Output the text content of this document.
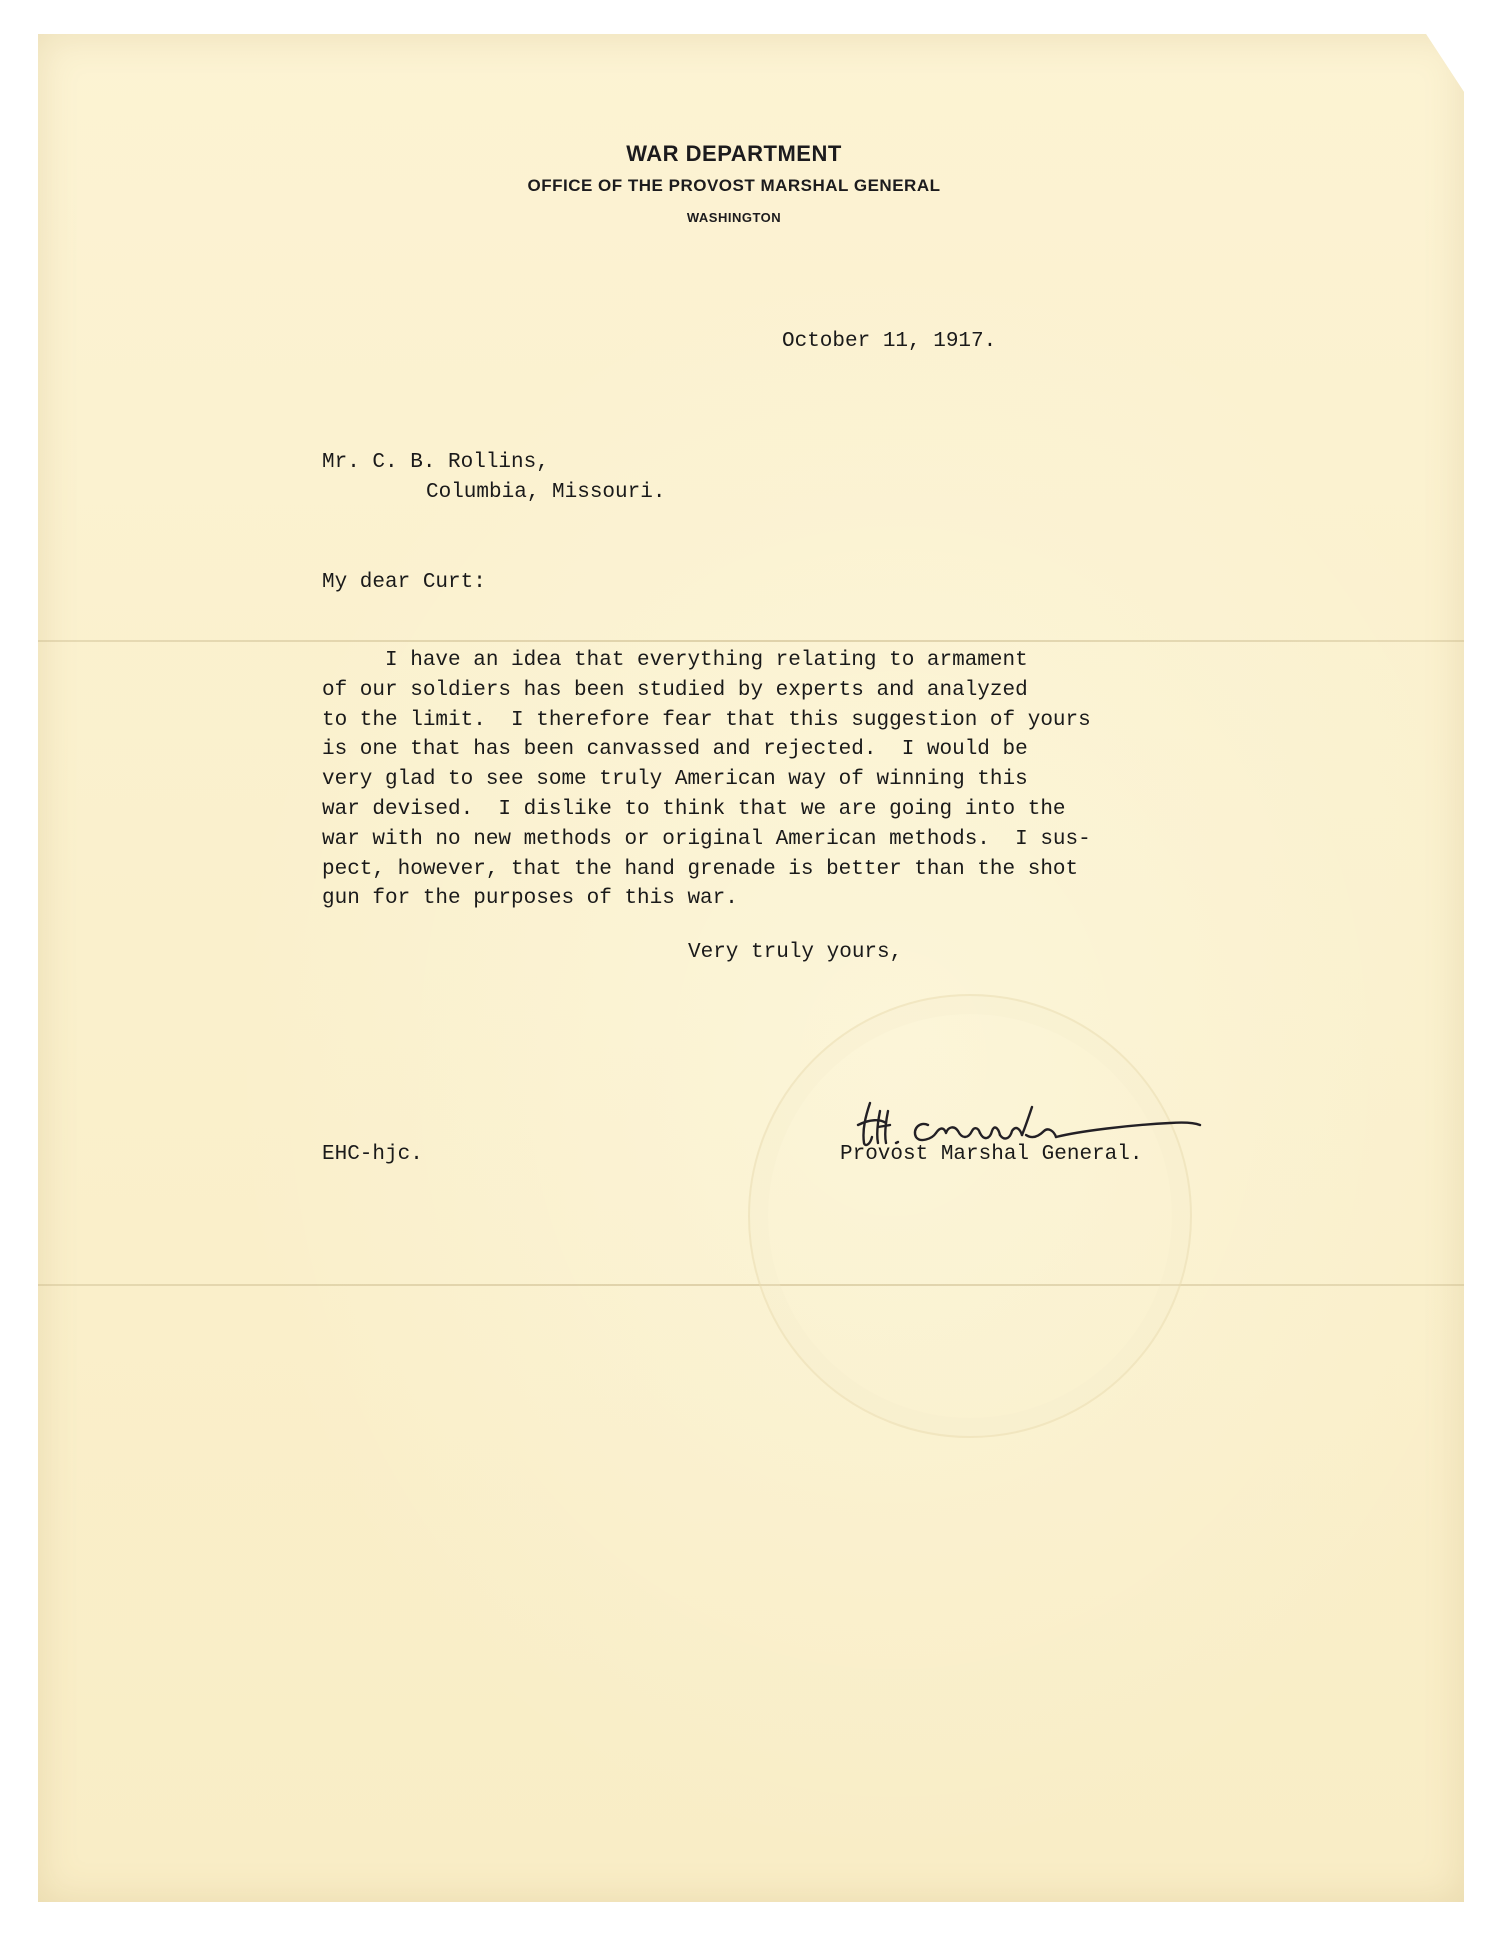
WAR DEPARTMENT
OFFICE OF THE PROVOST MARSHAL GENERAL
WASHINGTON
October 11, 1917.
Mr. C. B. Rollins,
Columbia, Missouri.
My dear Curt:
I have an idea that everything relating to armament
of our soldiers has been studied by experts and analyzed
to the limit.  I therefore fear that this suggestion of yours
is one that has been canvassed and rejected.  I would be
very glad to see some truly American way of winning this
war devised.  I dislike to think that we are going into the
war with no new methods or original American methods.  I sus-
pect, however, that the hand grenade is better than the shot
gun for the purposes of this war.
Very truly yours,
EHC-hjc.	Provost Marshal General.
